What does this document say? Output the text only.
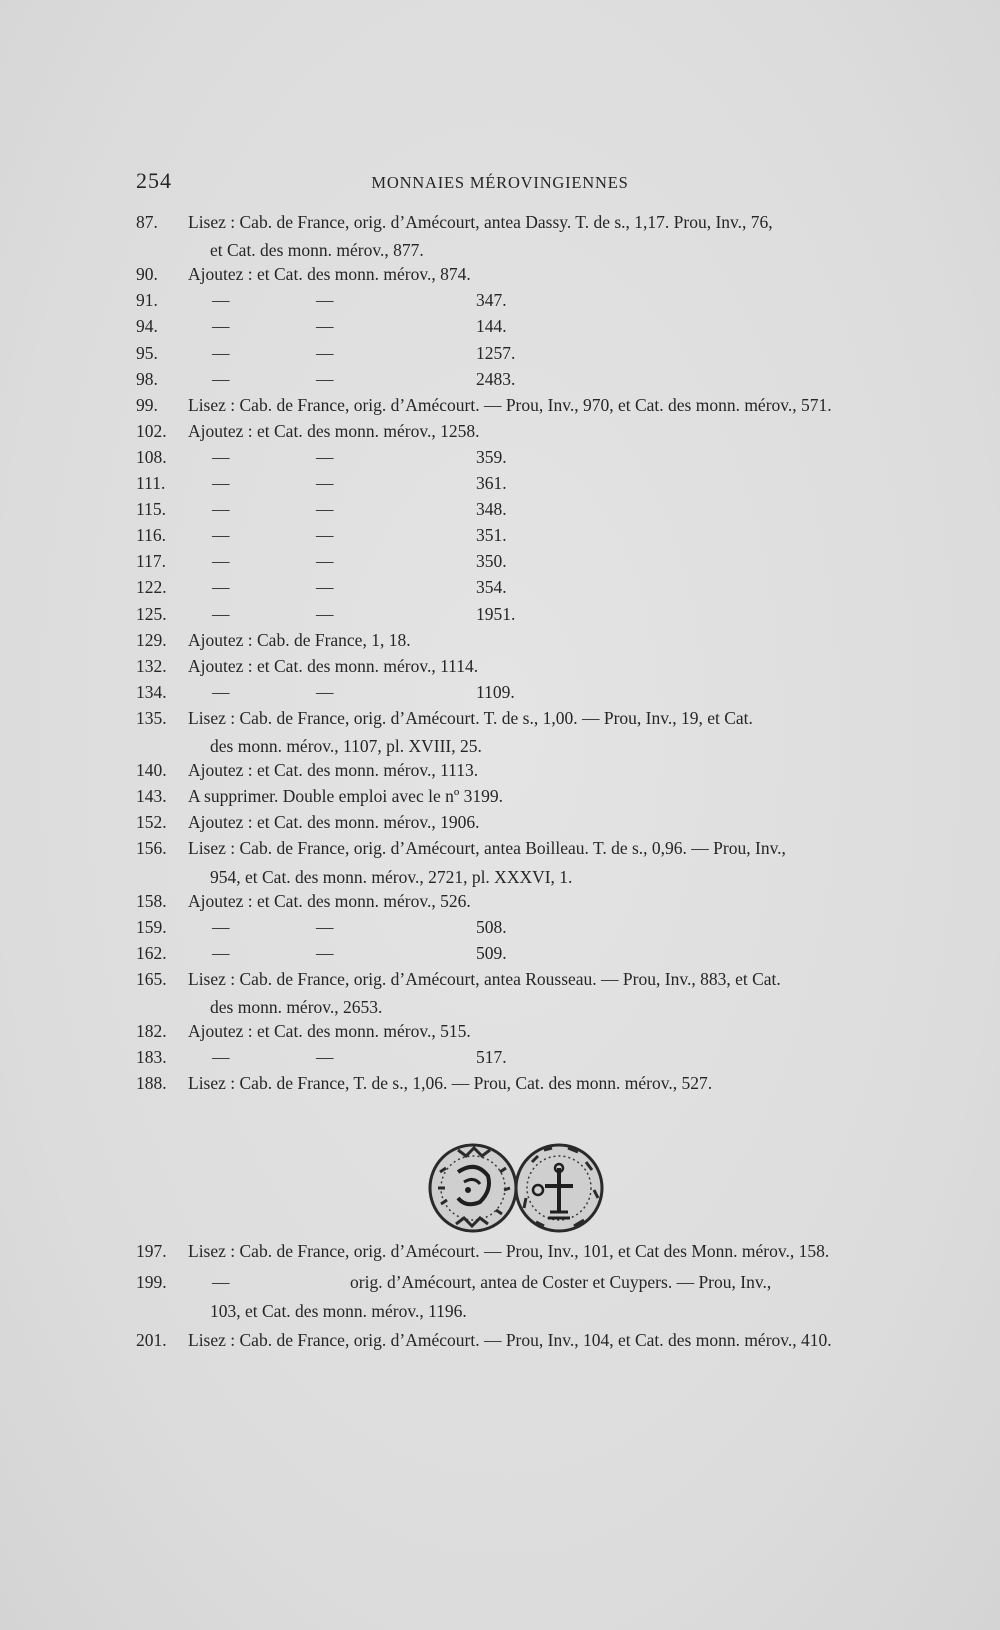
254	MONNAIES MÉROVINGIENNES
87. Lisez : Cab. de France, orig. d’Amécourt, antea Dassy. T. de s., 1,17. Prou, Inv., 76,
et Cat. des monn. mérov., 877.
90. Ajoutez : et Cat. des monn. mérov., 874.
91.	—	—	347.
94.	—	—	144.
95.	—	—	1257.
98.	—	—	2483.
99. Lisez : Cab. de France, orig. d’Amécourt. — Prou, Inv., 970, et Cat. des monn. mérov., 571.
102. Ajoutez : et Cat. des monn. mérov., 1258.
108.	—	—	359.
111.	—	—	361.
115.	—	—	348.
116.	—	—	351.
117.	—	—	350.
122.	—	—	354.
125.	—	—	1951.
129. Ajoutez : Cab. de France, 1, 18.
132. Ajoutez : et Cat. des monn. mérov., 1114.
134.	—	—	1109.
135. Lisez : Cab. de France, orig. d’Amécourt. T. de s., 1,00. — Prou, Inv., 19, et Cat.
des monn. mérov., 1107, pl. XVIII, 25.
140. Ajoutez : et Cat. des monn. mérov., 1113.
143. A supprimer. Double emploi avec le nº 3199.
152. Ajoutez : et Cat. des monn. mérov., 1906.
156. Lisez : Cab. de France, orig. d’Amécourt, antea Boilleau. T. de s., 0,96. — Prou, Inv.,
954, et Cat. des monn. mérov., 2721, pl. XXXVI, 1.
158. Ajoutez : et Cat. des monn. mérov., 526.
159.	—	—	508.
162.	—	—	509.
165. Lisez : Cab. de France, orig. d’Amécourt, antea Rousseau. — Prou, Inv., 883, et Cat.
des monn. mérov., 2653.
182. Ajoutez : et Cat. des monn. mérov., 515.
183.	—	—	517.
188. Lisez : Cab. de France, T. de s., 1,06. — Prou, Cat. des monn. mérov., 527.
197. Lisez : Cab. de France, orig. d’Amécourt. — Prou, Inv., 101, et Cat des Monn. mérov., 158.
199.	—	orig. d’Amécourt, antea de Coster et Cuypers. — Prou, Inv.,
103, et Cat. des monn. mérov., 1196.
201. Lisez : Cab. de France, orig. d’Amécourt. — Prou, Inv., 104, et Cat. des monn. mérov., 410.
